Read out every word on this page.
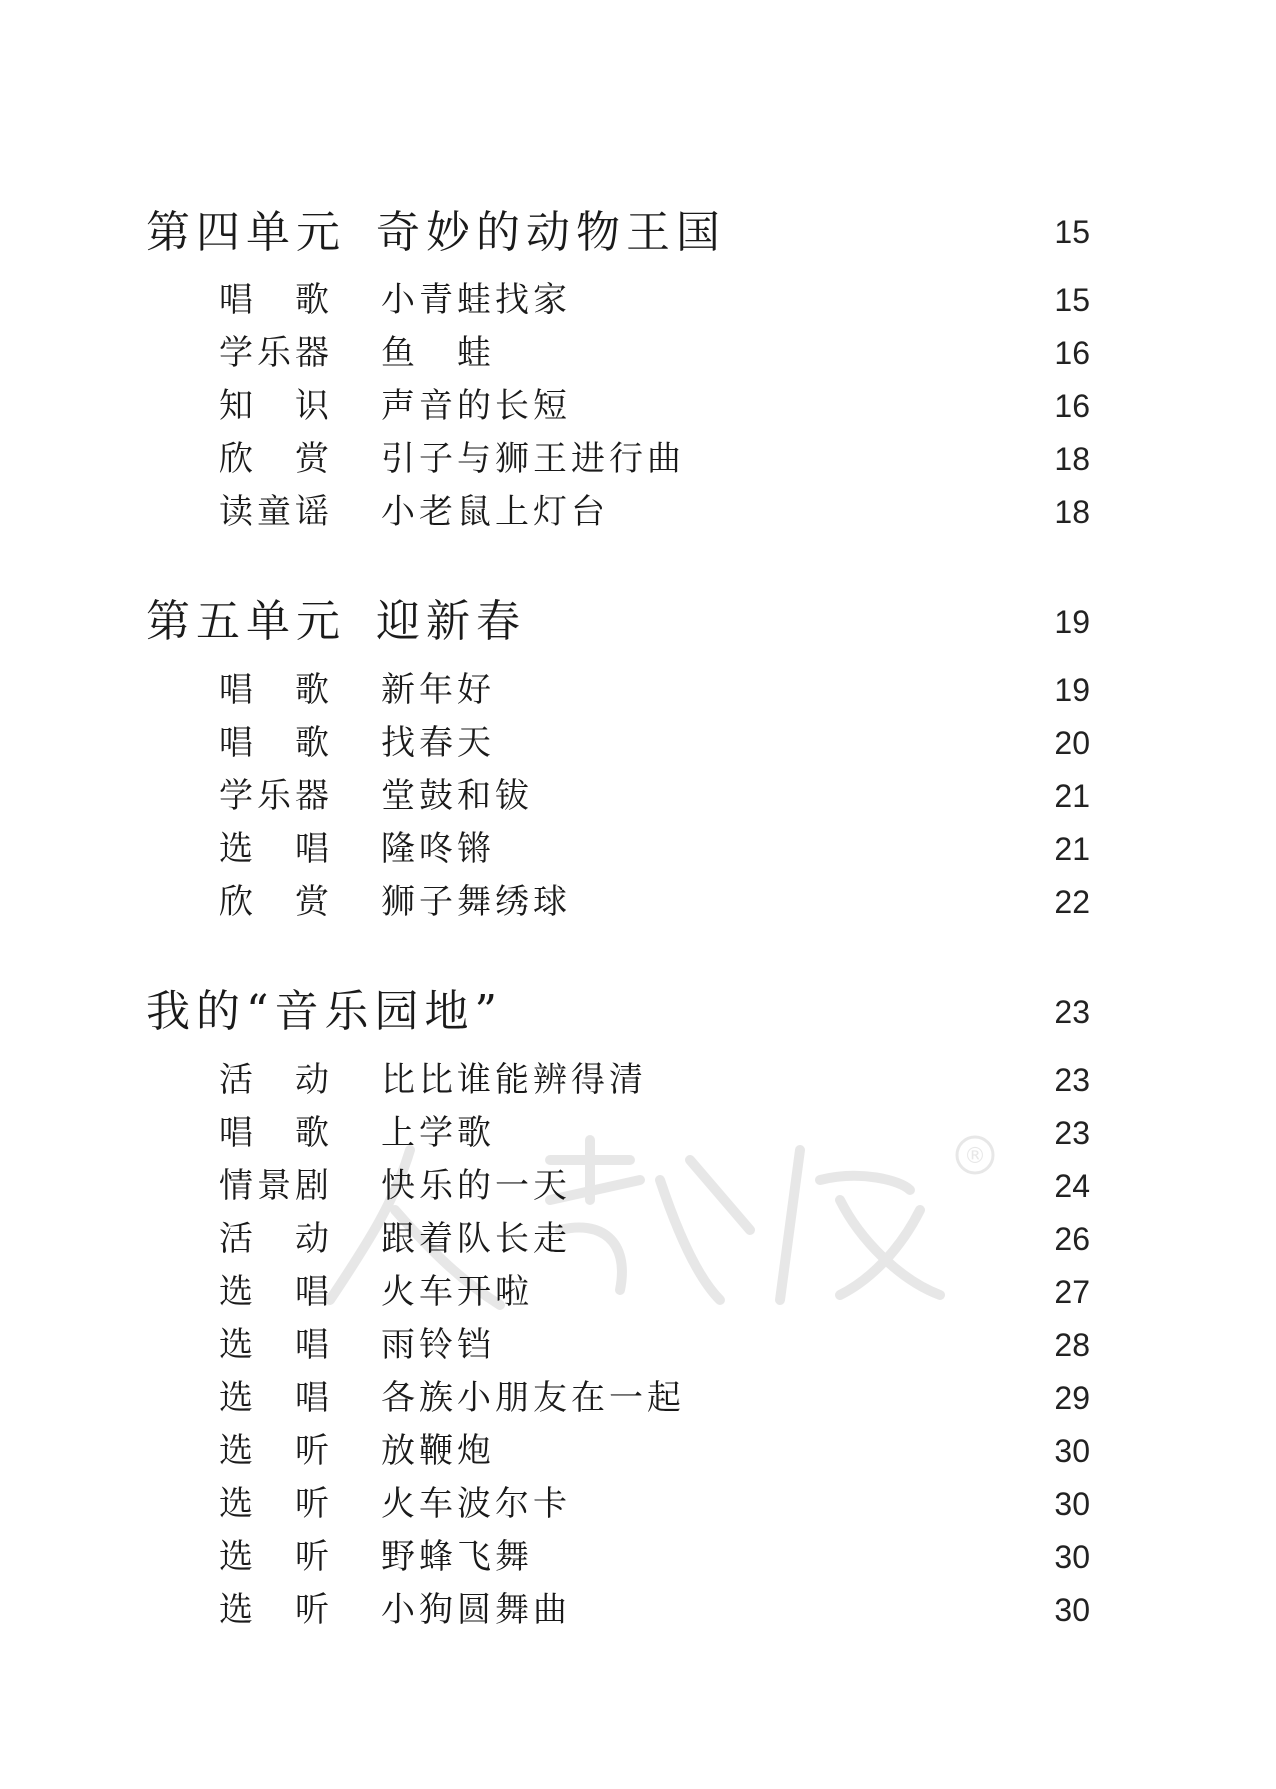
第四单元 奇妙的动物王国	15
唱　歌 小青蛙找家	15
学乐器 鱼　蛙	16
知　识 声音的长短	16
欣　赏 引子与狮王进行曲	18
读童谣 小老鼠上灯台	18
第五单元 迎新春	19
唱　歌 新年好	19
唱　歌 找春天	20
学乐器 堂鼓和钹	21
选　唱 隆咚锵	21
欣　赏 狮子舞绣球	22
我的“音乐园地”	23
活　动 比比谁能辨得清	23
唱　歌 上学歌	23
情景剧 快乐的一天	24
活　动 跟着队长走	26
选　唱 火车开啦	27
选　唱 雨铃铛	28
选　唱 各族小朋友在一起	29
选　听 放鞭炮	30
选　听 火车波尔卡	30
选　听 野蜂飞舞	30
选　听 小狗圆舞曲	30
®
